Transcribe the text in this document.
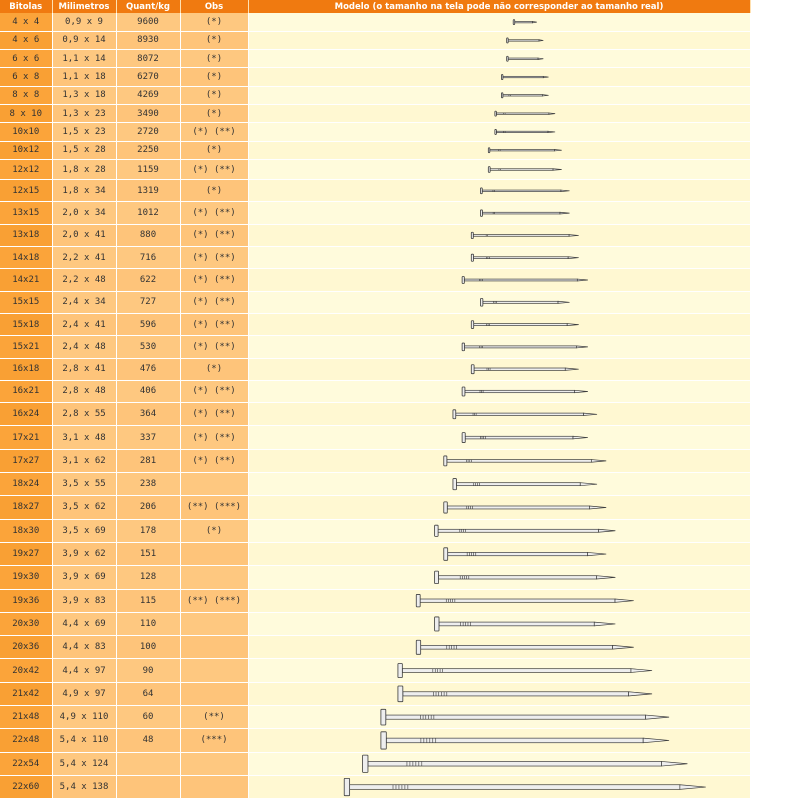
Bitolas	Milimetros	Quant/kg	Obs	Modelo (o tamanho na tela pode não corresponder ao tamanho real)
4 x 4	0,9 x 9	9600	(*)	
4 x 6	0,9 x 14	8930	(*)	
6 x 6	1,1 x 14	8072	(*)	
6 x 8	1,1 x 18	6270	(*)	
8 x 8	1,3 x 18	4269	(*)	
8 x 10	1,3 x 23	3490	(*)	
10x10	1,5 x 23	2720	(*) (**)	
10x12	1,5 x 28	2250	(*)	
12x12	1,8 x 28	1159	(*) (**)	
12x15	1,8 x 34	1319	(*)	
13x15	2,0 x 34	1012	(*) (**)	
13x18	2,0 x 41	880	(*) (**)	
14x18	2,2 x 41	716	(*) (**)	
14x21	2,2 x 48	622	(*) (**)	
15x15	2,4 x 34	727	(*) (**)	
15x18	2,4 x 41	596	(*) (**)	
15x21	2,4 x 48	530	(*) (**)	
16x18	2,8 x 41	476	(*)	
16x21	2,8 x 48	406	(*) (**)	
16x24	2,8 x 55	364	(*) (**)	
17x21	3,1 x 48	337	(*) (**)	
17x27	3,1 x 62	281	(*) (**)	
18x24	3,5 x 55	238		
18x27	3,5 x 62	206	(**) (***)	
18x30	3,5 x 69	178	(*)	
19x27	3,9 x 62	151		
19x30	3,9 x 69	128		
19x36	3,9 x 83	115	(**) (***)	
20x30	4,4 x 69	110		
20x36	4,4 x 83	100		
20x42	4,4 x 97	90		
21x42	4,9 x 97	64		
21x48	4,9 x 110	60	(**)	
22x48	5,4 x 110	48	(***)	
22x54	5,4 x 124			
22x60	5,4 x 138			
